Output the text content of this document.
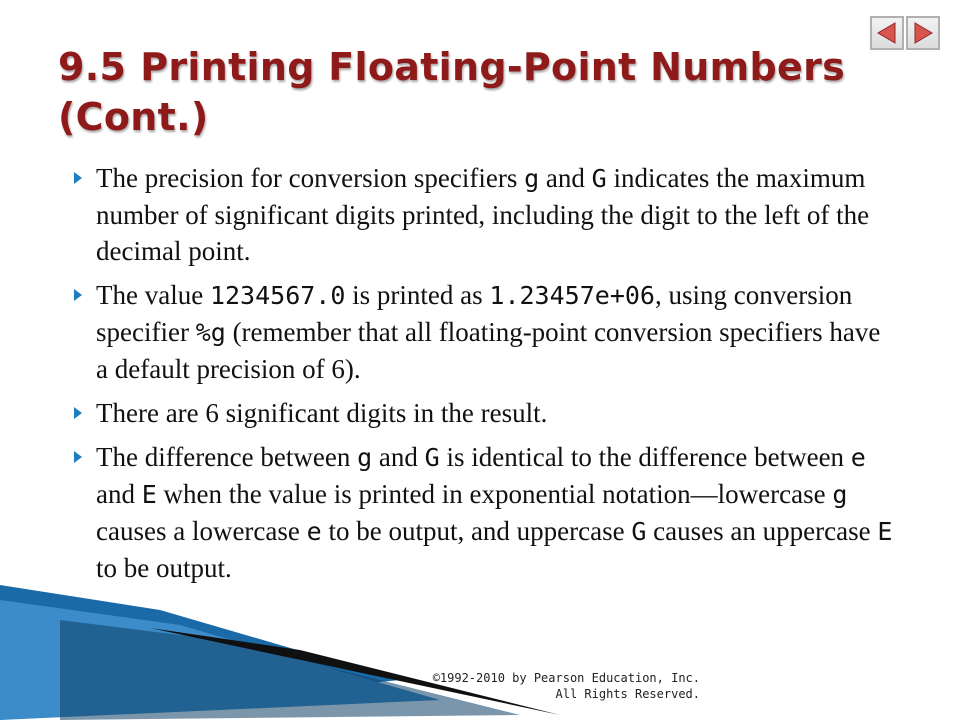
9.5 Printing Floating-Point Numbers (Cont.)
The precision for conversion specifiers g and G indicates the maximum number of significant digits printed, including the digit to the left of the decimal point.
The value 1234567.0 is printed as 1.23457e+06, using conversion specifier %g (remember that all floating-point conversion specifiers have a default precision of 6).
There are 6 significant digits in the result.
The difference between g and G is identical to the difference between e and E when the value is printed in exponential notation—lowercase g causes a lowercase e to be output, and uppercase G causes an uppercase E to be output.
©1992-2010 by Pearson Education, Inc.
All Rights Reserved.
